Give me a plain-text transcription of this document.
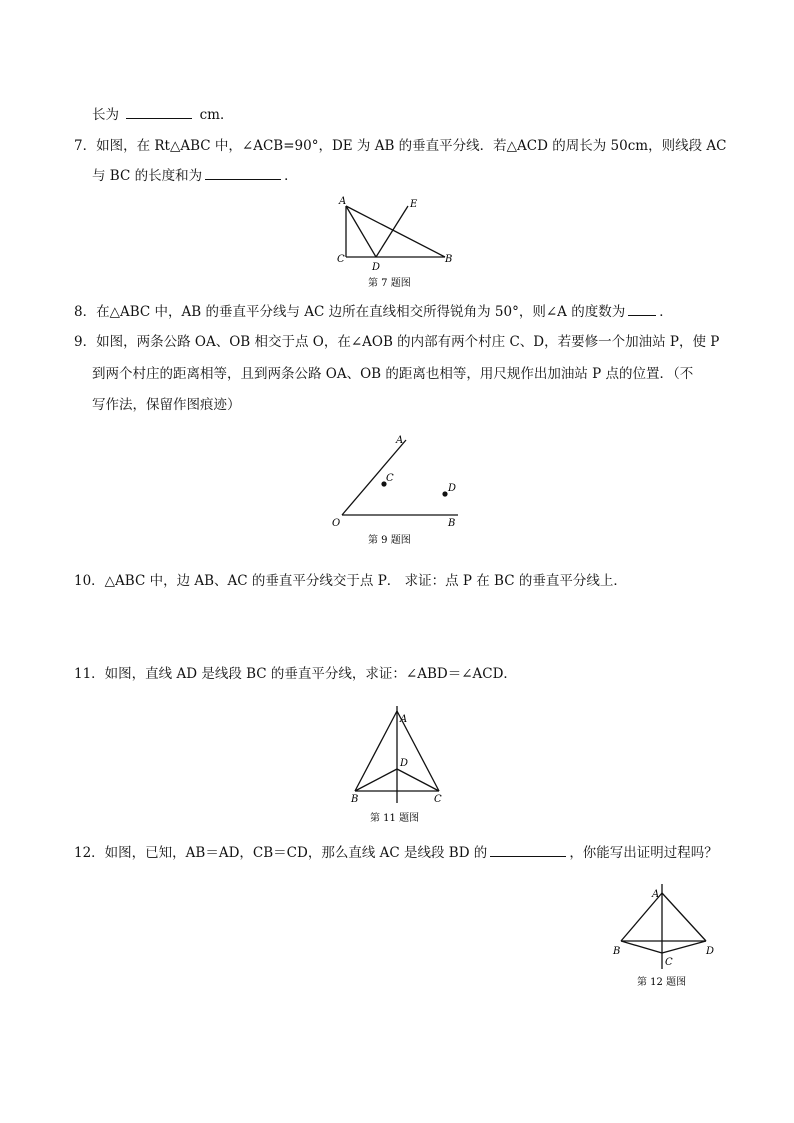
长为	cm．
7．如图，在 Rt△ABC 中，∠ACB=90°，DE 为 AB 的垂直平分线．若△ACD 的周长为 50cm，则线段 AC
与 BC 的长度和为	．
A	E
C
D
B
第 7 题图
8．在△ABC 中，AB 的垂直平分线与 AC 边所在直线相交所得锐角为 50°，则∠A 的度数为	．
9．如图，两条公路 OA、OB 相交于点 O，在∠AOB 的内部有两个村庄 C、D，若要修一个加油站 P，使 P
到两个村庄的距离相等，且到两条公路 OA、OB 的距离也相等，用尺规作出加油站 P 点的位置．（不
写作法，保留作图痕迹）
A
C
D
O	B
第 9 题图
10．△ABC 中，边 AB、AC 的垂直平分线交于点 P． 求证：点 P 在 BC 的垂直平分线上．
11．如图，直线 AD 是线段 BC 的垂直平分线，求证：∠ABD＝∠ACD．
A
D
B	C
第 11 题图
12．如图，已知，AB＝AD，CB＝CD，那么直线 AC 是线段 BD 的	，你能写出证明过程吗？
A
B
C
D
第 12 题图
